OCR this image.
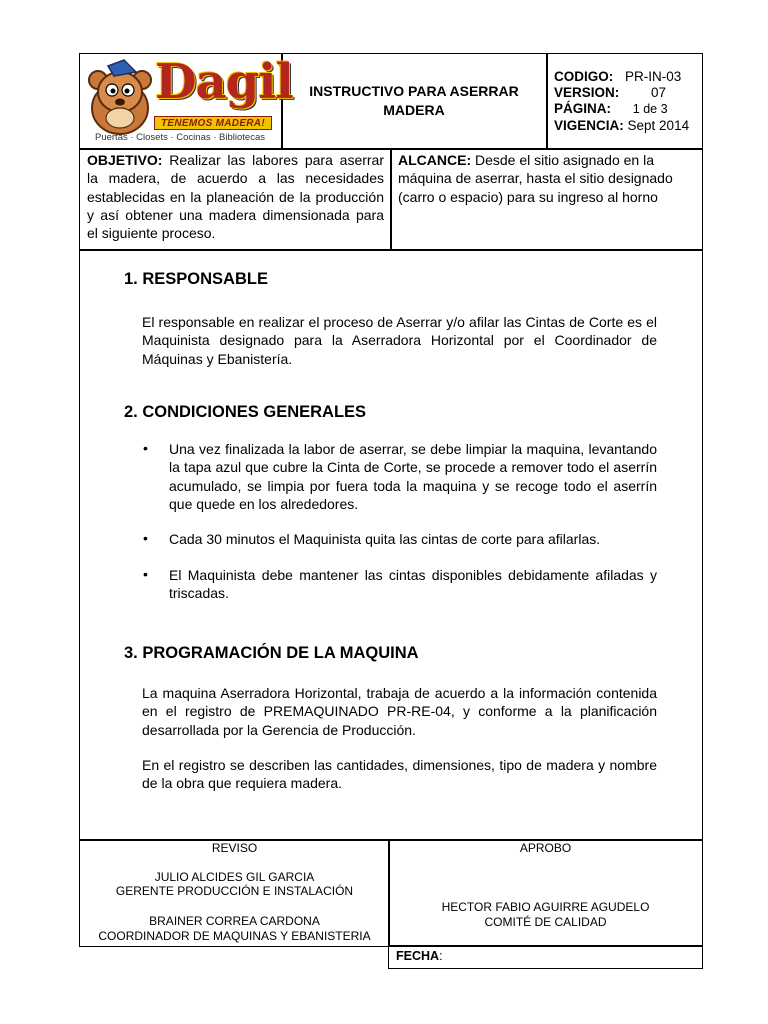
Dagil
TENEMOS MADERA!
Puertas · Closets · Cocinas · Bibliotecas
INSTRUCTIVO PARA ASERRAR MADERA
CODIGO: PR-IN-03
VERSION: 07
PÁGINA: 1 de 3
VIGENCIA: Sept 2014
OBJETIVO: Realizar las labores para aserrar la madera, de acuerdo a las necesidades establecidas en la planeación de la producción y así obtener una madera dimensionada para el siguiente proceso.
ALCANCE: Desde el sitio asignado en la máquina de aserrar, hasta el sitio designado (carro o espacio) para su ingreso al horno
1. RESPONSABLE
El responsable en realizar el proceso de Aserrar y/o afilar las Cintas de Corte es el Maquinista designado para la Aserradora Horizontal por el Coordinador de Máquinas y Ebanistería.
2. CONDICIONES GENERALES
• Una vez finalizada la labor de aserrar, se debe limpiar la maquina, levantando la tapa azul que cubre la Cinta de Corte, se procede a remover todo el aserrín acumulado, se limpia por fuera toda la maquina y se recoge todo el aserrín que quede en los alrededores.
• Cada 30 minutos el Maquinista quita las cintas de corte para afilarlas.
• El Maquinista debe mantener las cintas disponibles debidamente afiladas y triscadas.
3. PROGRAMACIÓN DE LA MAQUINA
La maquina Aserradora Horizontal, trabaja de acuerdo a la información contenida en el registro de PREMAQUINADO PR-RE-04, y conforme a la planificación desarrollada por la Gerencia de Producción.
En el registro se describen las cantidades, dimensiones, tipo de madera y nombre de la obra que requiera madera.
REVISO
JULIO ALCIDES GIL GARCIA
GERENTE PRODUCCIÓN E INSTALACIÓN
BRAINER CORREA CARDONA
COORDINADOR DE MAQUINAS Y EBANISTERIA
APROBO
HECTOR FABIO AGUIRRE AGUDELO
COMITÉ DE CALIDAD
FECHA:
